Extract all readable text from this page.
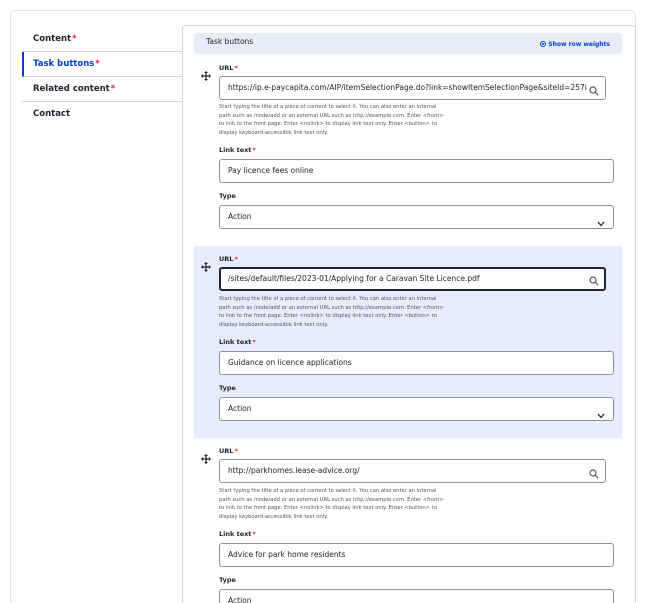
Content*
Task buttons*
Related content*
Contact
Task buttons	Show row weights
URL*
https://ip.e-paycapita.com/AIP/itemSelectionPage.do?link=showItemSelectionPage&siteId=257i
Start typing the title of a piece of content to select it. You can also enter an internal
path such as /node/add or an external URL such as http://example.com. Enter <front>
to link to the front page. Enter <nolink> to display link text only. Enter <button> to
display keyboard-accessible link text only.
Link text*
Pay licence fees online
Type
Action
URL*
/sites/default/files/2023-01/Applying for a Caravan Site Licence.pdf
Start typing the title of a piece of content to select it. You can also enter an internal
path such as /node/add or an external URL such as http://example.com. Enter <front>
to link to the front page. Enter <nolink> to display link text only. Enter <button> to
display keyboard-accessible link text only.
Link text*
Guidance on licence applications
Type
Action
URL*
http://parkhomes.lease-advice.org/
Start typing the title of a piece of content to select it. You can also enter an internal
path such as /node/add or an external URL such as http://example.com. Enter <front>
to link to the front page. Enter <nolink> to display link text only. Enter <button> to
display keyboard-accessible link text only.
Link text*
Advice for park home residents
Type
Action
